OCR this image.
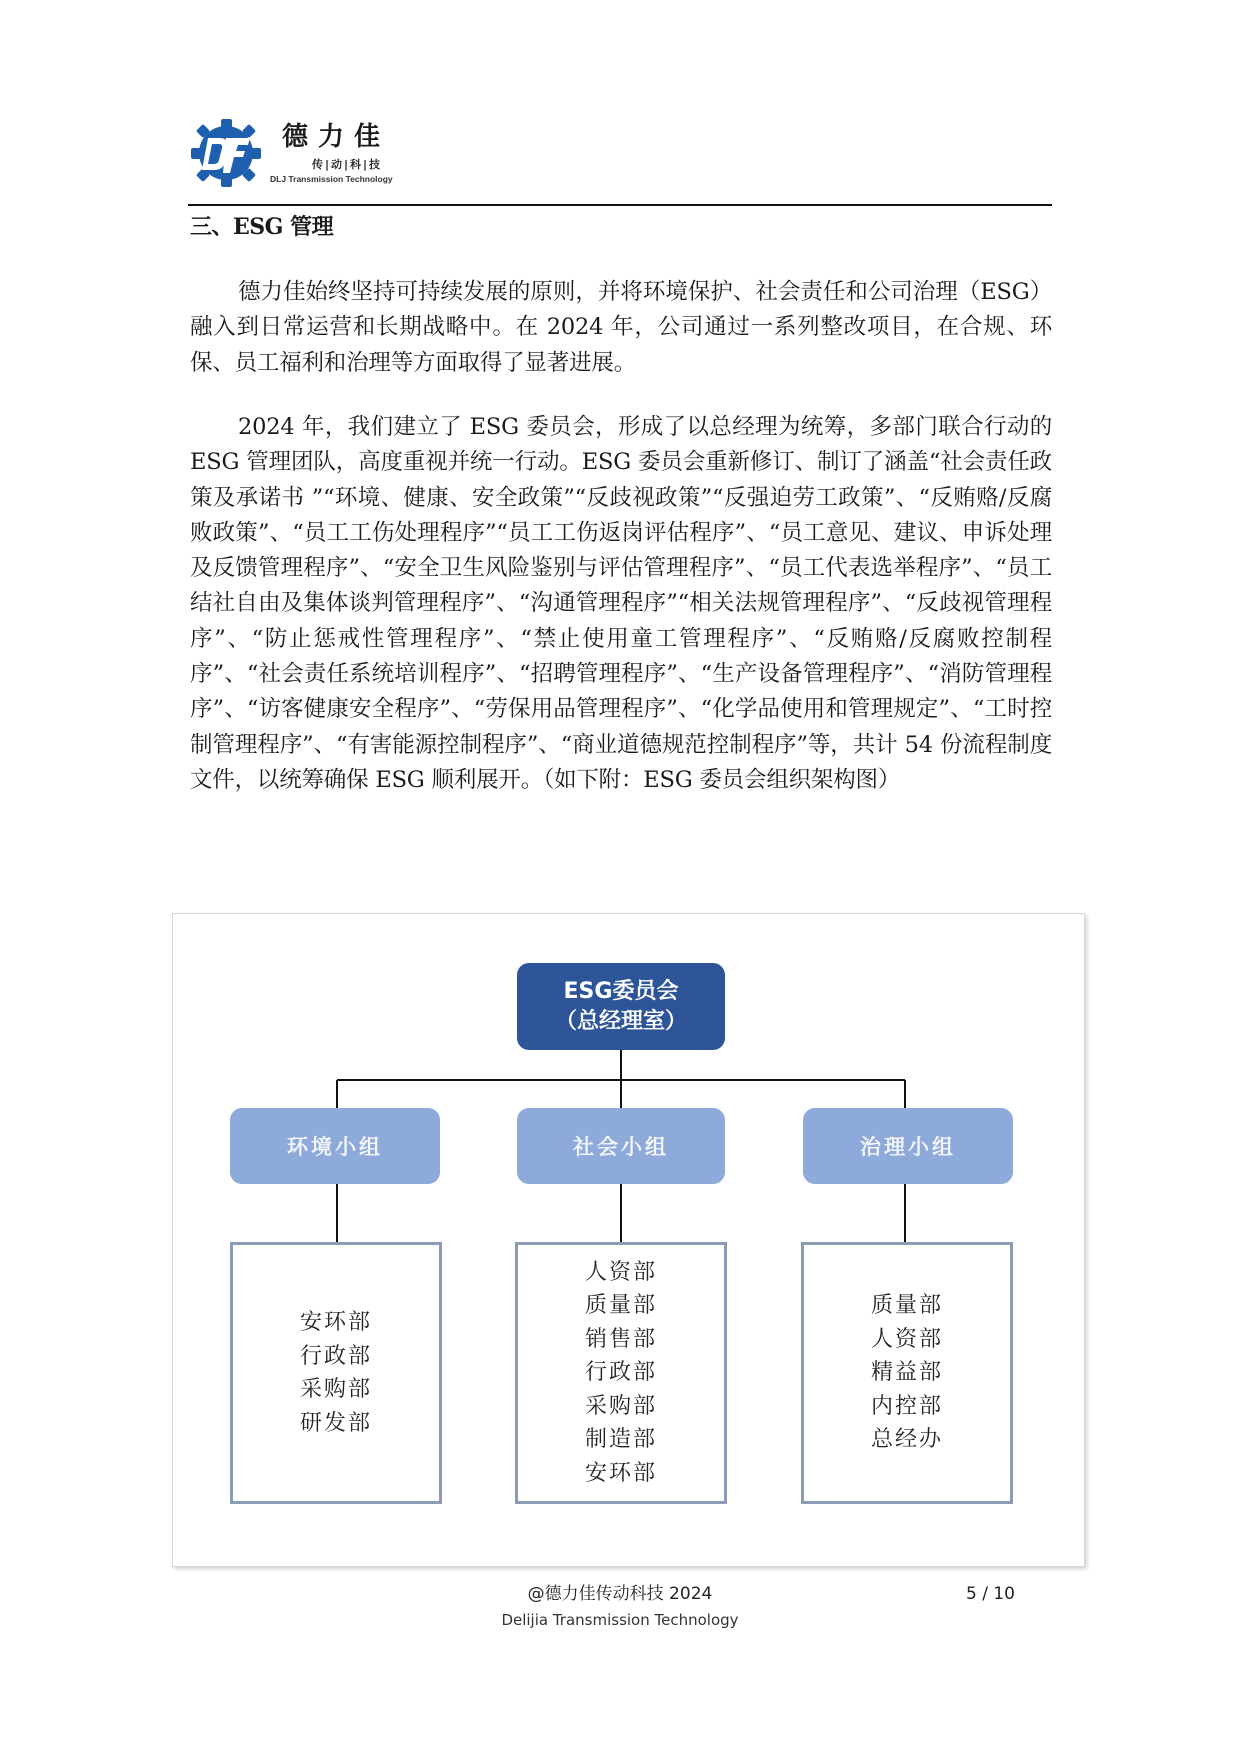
德力佳
传|动|科|技
DLJ Transmission Technology
三、ESG 管理

德力佳始终坚持可持续发展的原则，并将环境保护、社会责任和公司治理（ESG）融入到日常运营和长期战略中。在 2024 年，公司通过一系列整改项目，在合规、环保、员工福利和治理等方面取得了显著进展。

2024 年，我们建立了 ESG 委员会，形成了以总经理为统筹，多部门联合行动的 ESG 管理团队，高度重视并统一行动。ESG 委员会重新修订、制订了涵盖“社会责任政策及承诺书 ”“环境、健康、安全政策”“反歧视政策”“反强迫劳工政策”、“反贿赂/反腐败政策”、“员工工伤处理程序”“员工工伤返岗评估程序”、“员工意见、建议、申诉处理及反馈管理程序”、“安全卫生风险鉴别与评估管理程序”、“员工代表选举程序”、“员工结社自由及集体谈判管理程序”、“沟通管理程序”“相关法规管理程序”、“反歧视管理程序”、“防止惩戒性管理程序”、“禁止使用童工管理程序”、“反贿赂/反腐败控制程序”、“社会责任系统培训程序”、“招聘管理程序”、“生产设备管理程序”、“消防管理程序”、“访客健康安全程序”、“劳保用品管理程序”、“化学品使用和管理规定”、“工时控制管理程序”、“有害能源控制程序”、“商业道德规范控制程序”等，共计 54 份流程制度文件，以统筹确保 ESG 顺利展开。（如下附：ESG 委员会组织架构图）

ESG委员会
（总经理室）
环境小组	社会小组	治理小组
安环部
行政部
采购部
研发部
人资部
质量部
销售部
行政部
采购部
制造部
安环部
质量部
人资部
精益部
内控部
总经办
@德力佳传动科技 2024
Delijia Transmission Technology
5 / 10
